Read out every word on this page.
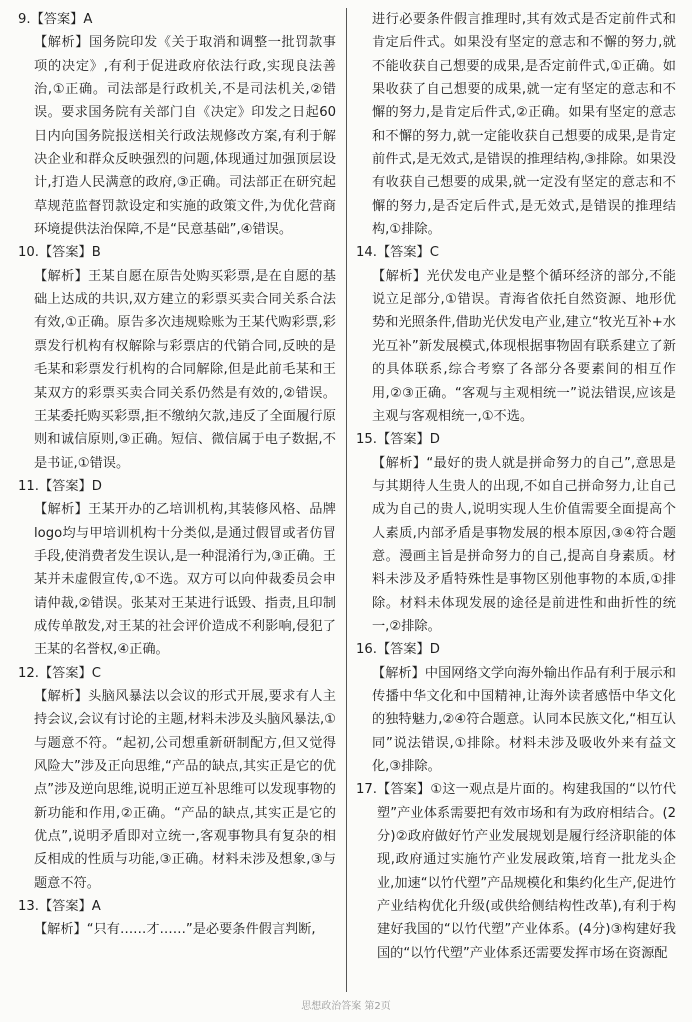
9. 【答案】A
【解析】国务院印发《关于取消和调整一批罚款事项的决定》,有利于促进政府依法行政,实现良法善治,①正确。司法部是行政机关,不是司法机关,②错误。要求国务院有关部门自《决定》印发之日起60日内向国务院报送相关行政法规修改方案,有利于解决企业和群众反映强烈的问题,体现通过加强顶层设计,打造人民满意的政府,③正确。司法部正在研究起草规范监督罚款设定和实施的政策文件,为优化营商环境提供法治保障,不是“民意基础”,④错误。
10. 【答案】B
【解析】王某自愿在原告处购买彩票,是在自愿的基础上达成的共识,双方建立的彩票买卖合同关系合法有效,①正确。原告多次违规赊账为王某代购彩票,彩票发行机构有权解除与彩票店的代销合同,反映的是毛某和彩票发行机构的合同解除,但是此前毛某和王某双方的彩票买卖合同关系仍然是有效的,②错误。王某委托购买彩票,拒不缴纳欠款,违反了全面履行原则和诚信原则,③正确。短信、微信属于电子数据,不是书证,①错误。
11. 【答案】D
【解析】王某开办的乙培训机构,其装修风格、品牌logo均与甲培训机构十分类似,是通过假冒或者仿冒手段,使消费者发生误认,是一种混淆行为,③正确。王某并未虚假宣传,①不选。双方可以向仲裁委员会申请仲裁,②错误。张某对王某进行诋毁、指责,且印制成传单散发,对王某的社会评价造成不利影响,侵犯了王某的名誉权,④正确。
12. 【答案】C
【解析】头脑风暴法以会议的形式开展,要求有人主持会议,会议有讨论的主题,材料未涉及头脑风暴法,①与题意不符。“起初,公司想重新研制配方,但又觉得风险大”涉及正向思维,“产品的缺点,其实正是它的优点”涉及逆向思维,说明正逆互补思维可以发现事物的新功能和作用,②正确。“产品的缺点,其实正是它的优点”,说明矛盾即对立统一,客观事物具有复杂的相反相成的性质与功能,③正确。材料未涉及想象,③与题意不符。
13. 【答案】A
【解析】“只有……才……”是必要条件假言判断,
进行必要条件假言推理时,其有效式是否定前件式和肯定后件式。如果没有坚定的意志和不懈的努力,就不能收获自己想要的成果,是否定前件式,①正确。如果收获了自己想要的成果,就一定有坚定的意志和不懈的努力,是肯定后件式,②正确。如果有坚定的意志和不懈的努力,就一定能收获自己想要的成果,是肯定前件式,是无效式,是错误的推理结构,③排除。如果没有收获自己想要的成果,就一定没有坚定的意志和不懈的努力,是否定后件式,是无效式,是错误的推理结构,①排除。
14. 【答案】C
【解析】光伏发电产业是整个循环经济的部分,不能说立足部分,①错误。青海省依托自然资源、地形优势和光照条件,借助光伏发电产业,建立“牧光互补+水光互补”新发展模式,体现根据事物固有联系建立了新的具体联系,综合考察了各部分各要素间的相互作用,②③正确。“客观与主观相统一”说法错误,应该是主观与客观相统一,①不选。
15. 【答案】D
【解析】“最好的贵人就是拼命努力的自己”,意思是与其期待人生贵人的出现,不如自己拼命努力,让自己成为自己的贵人,说明实现人生价值需要全面提高个人素质,内部矛盾是事物发展的根本原因,③④符合题意。漫画主旨是拼命努力的自己,提高自身素质。材料未涉及矛盾特殊性是事物区别他事物的本质,①排除。材料未体现发展的途径是前进性和曲折性的统一,②排除。
16. 【答案】D
【解析】中国网络文学向海外输出作品有利于展示和传播中华文化和中国精神,让海外读者感悟中华文化的独特魅力,②④符合题意。认同本民族文化,“相互认同”说法错误,①排除。材料未涉及吸收外来有益文化,③排除。
17. 【答案】①这一观点是片面的。构建我国的“以竹代塑”产业体系需要把有效市场和有为政府相结合。(2分)②政府做好竹产业发展规划是履行经济职能的体现,政府通过实施竹产业发展政策,培育一批龙头企业,加速“以竹代塑”产品规模化和集约化生产,促进竹产业结构优化升级(或供给侧结构性改革),有利于构建好我国的“以竹代塑”产业体系。(4分)③构建好我国的“以竹代塑”产业体系还需要发挥市场在资源配
思想政治答案 第2页
